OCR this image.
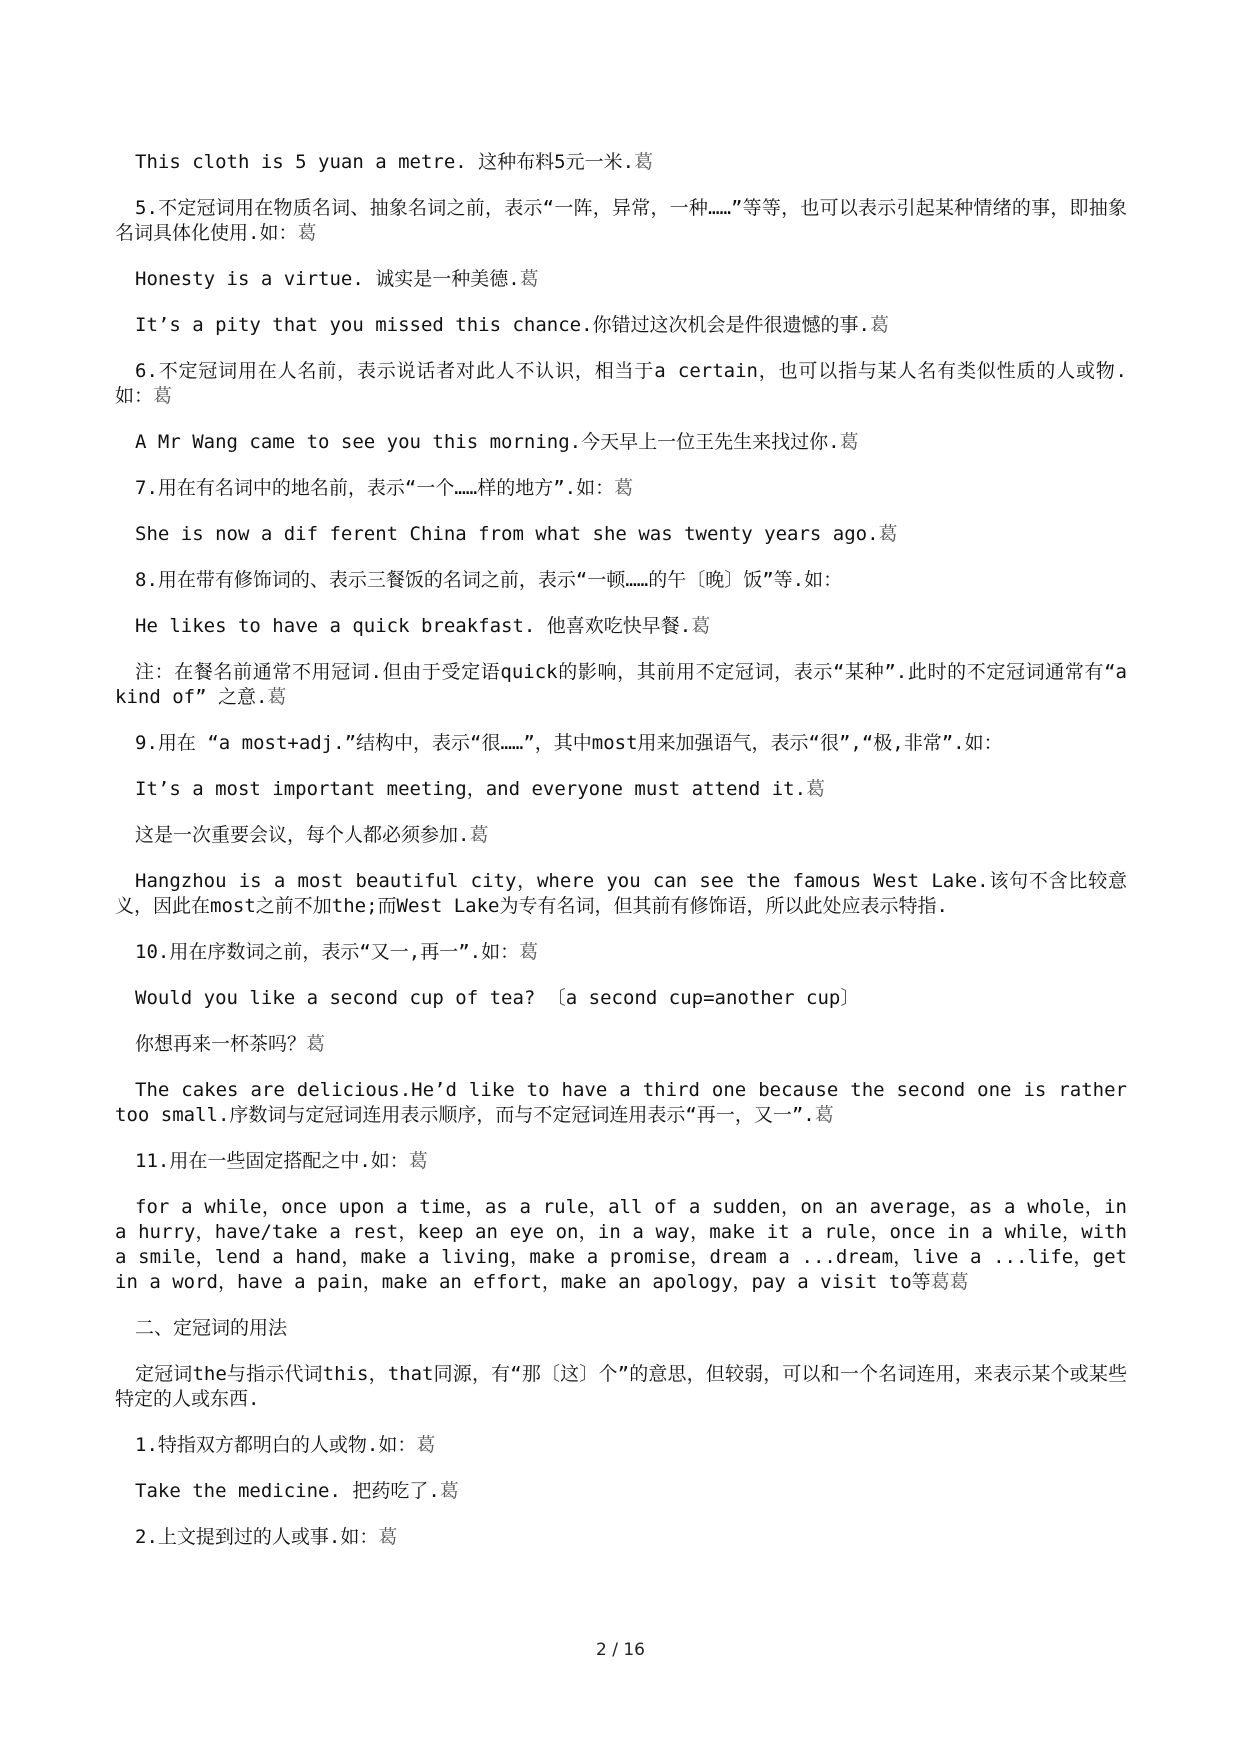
This cloth is 5 yuan a metre. 这种布料5元一米.葛

5.不定冠词用在物质名词、抽象名词之前，表示“一阵，异常，一种……”等等，也可以表示引起某种情绪的事，即抽象名词具体化使用.如：葛

Honesty is a virtue. 诚实是一种美德.葛

It’s a pity that you missed this chance.你错过这次机会是件很遗憾的事.葛

6.不定冠词用在人名前，表示说话者对此人不认识，相当于a certain，也可以指与某人名有类似性质的人或物.如：葛

A Mr Wang came to see you this morning.今天早上一位王先生来找过你.葛

7.用在有名词中的地名前，表示“一个……样的地方”.如：葛

She is now a dif ferent China from what she was twenty years ago.葛

8.用在带有修饰词的、表示三餐饭的名词之前，表示“一顿……的午〔晚〕饭”等.如：

He likes to have a quick breakfast. 他喜欢吃快早餐.葛

注：在餐名前通常不用冠词.但由于受定语quick的影响，其前用不定冠词，表示“某种”.此时的不定冠词通常有“a kind of” 之意.葛

9.用在 “a most+adj.”结构中，表示“很……”，其中most用来加强语气，表示“很”,“极,非常”.如：

It’s a most important meeting，and everyone must attend it.葛

这是一次重要会议，每个人都必须参加.葛

Hangzhou is a most beautiful city，where you can see the famous West Lake.该句不含比较意义，因此在most之前不加the;而West Lake为专有名词，但其前有修饰语，所以此处应表示特指.

10.用在序数词之前，表示“又一,再一”.如：葛

Would you like a second cup of tea? 〔a second cup=another cup〕

你想再来一杯茶吗？葛

The cakes are delicious.He’d like to have a third one because the second one is rather too small.序数词与定冠词连用表示顺序，而与不定冠词连用表示“再一，又一”.葛

11.用在一些固定搭配之中.如：葛

for a while，once upon a time，as a rule，all of a sudden，on an average，as a whole，in a hurry，have/take a rest，keep an eye on，in a way，make it a rule，once in a while，with a smile，lend a hand，make a living，make a promise，dream a ...dream，live a ...life，get in a word，have a pain，make an effort，make an apology，pay a visit to等葛葛

二、定冠词的用法

定冠词the与指示代词this，that同源，有“那〔这〕个”的意思，但较弱，可以和一个名词连用，来表示某个或某些特定的人或东西.

1.特指双方都明白的人或物.如：葛

Take the medicine. 把药吃了.葛

2.上文提到过的人或事.如：葛

2 / 16
